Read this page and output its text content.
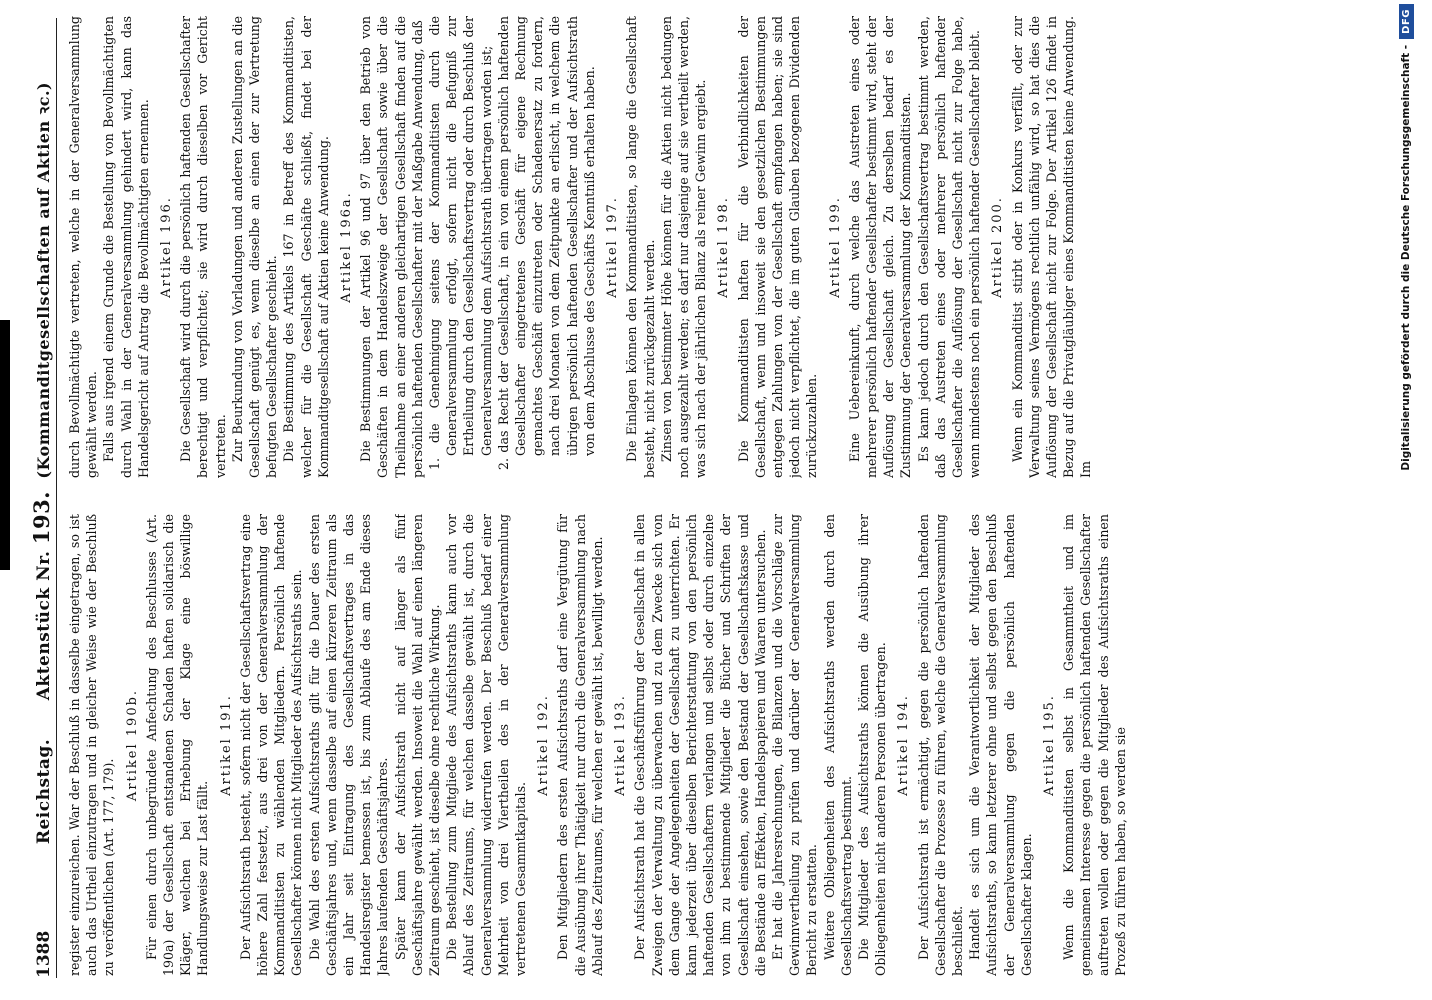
1388
Reichstag.      Aktenstück Nr. 193. (Kommanditgesellschaften auf Aktien ꝛc.)

register einzureichen. War der Beschluß in dasselbe eingetragen, so ist auch das Urtheil einzutragen und in gleicher Weise wie der Beschluß zu veröffentlichen (Art. 177, 179).

Artikel 190b. Für einen durch unbegründete Anfechtung des Beschlusses (Art. 190a) der Gesellschaft entstandenen Schaden haften solidarisch die Kläger, welchen bei Erhebung der Klage eine böswillige Handlungsweise zur Last fällt.

Artikel 191. Der Aufsichtsrath besteht, sofern nicht der Gesellschaftsvertrag eine höhere Zahl festsetzt, aus drei von der Generalversammlung der Kommanditisten zu wählenden Mitgliedern. Persönlich haftende Gesellschafter können nicht Mitglieder des Aufsichtsraths sein. Die Wahl des ersten Aufsichtsraths gilt für die Dauer des ersten Geschäftsjahres und, wenn dasselbe auf einen kürzeren Zeitraum als ein Jahr seit Eintragung des Gesellschaftsvertrages in das Handelsregister bemessen ist, bis zum Ablaufe des am Ende dieses Jahres laufenden Geschäftsjahres. Später kann der Aufsichtsrath nicht auf länger als fünf Geschäftsjahre gewählt werden. Insoweit die Wahl auf einen längeren Zeitraum geschieht, ist dieselbe ohne rechtliche Wirkung. Die Bestellung zum Mitgliede des Aufsichtsraths kann auch vor Ablauf des Zeitraums, für welchen dasselbe gewählt ist, durch die Generalversammlung widerrufen werden. Der Beschluß bedarf einer Mehrheit von drei Viertheilen des in der Generalversammlung vertretenen Gesammtkapitals.

Artikel 192. Den Mitgliedern des ersten Aufsichtsraths darf eine Vergütung für die Ausübung ihrer Thätigkeit nur durch die Generalversammlung nach Ablauf des Zeitraumes, für welchen er gewählt ist, bewilligt werden. Artikel 193. Der Aufsichtsrath hat die Geschäftsführung der Gesellschaft in allen Zweigen der Verwaltung zu überwachen und zu dem Zwecke sich von dem Gange der Angelegenheiten der Gesellschaft zu unterrichten. Er kann jederzeit über dieselben Berichterstattung von den persönlich haftenden Gesellschaftern verlangen und selbst oder durch einzelne von ihm zu bestimmende Mitglieder die Bücher und Schriften der Gesellschaft einsehen, sowie den Bestand der Gesellschaftskasse und die Bestände an Effekten, Handelspapieren und Waaren untersuchen. Er hat die Jahresrechnungen, die Bilanzen und die Vorschläge zur Gewinnvertheilung zu prüfen und darüber der Generalversammlung Bericht zu erstatten. Weitere Obliegenheiten des Aufsichtsraths werden durch den Gesellschaftsvertrag bestimmt. Die Mitglieder des Aufsichtsraths können die Ausübung ihrer Obliegenheiten nicht anderen Personen übertragen. Artikel 194. Der Aufsichtsrath ist ermächtigt, gegen die persönlich haftenden Gesellschafter die Prozesse zu führen, welche die Generalversammlung beschließt. Handelt es sich um die Verantwortlichkeit der Mitglieder des Aufsichtsraths, so kann letzterer ohne und selbst gegen den Beschluß der Generalversammlung gegen die persönlich haftenden Gesellschafter klagen.

Artikel 195. Wenn die Kommanditisten selbst in Gesammtheit und im gemeinsamen Interesse gegen die persönlich haftenden Gesellschafter auftreten wollen oder gegen die Mitglieder des Aufsichtsraths einen Prozeß zu führen haben, so werden sie

durch Bevollmächtigte vertreten, welche in der Generalversammlung gewählt werden. Falls aus irgend einem Grunde die Bestellung von Bevollmächtigten durch Wahl in der Generalversammlung gehindert wird, kann das Handelsgericht auf Antrag die Bevollmächtigten ernennen. Artikel 196. Die Gesellschaft wird durch die persönlich haftenden Gesellschafter berechtigt und verpflichtet; sie wird durch dieselben vor Gericht vertreten. Zur Beurkundung von Vorladungen und anderen Zustellungen an die Gesellschaft genügt es, wenn dieselbe an einen der zur Vertretung befugten Gesellschafter geschieht. Die Bestimmung des Artikels 167 in Betreff des Kommanditisten, welcher für die Gesellschaft Geschäfte schließt, findet bei der Kommanditgesellschaft auf Aktien keine Anwendung. Artikel 196a. Die Bestimmungen der Artikel 96 und 97 über den Betrieb von Geschäften in dem Handelszweige der Gesellschaft sowie über die Theilnahme an einer anderen gleichartigen Gesellschaft finden auf die persönlich haftenden Gesellschafter mit der Maßgabe Anwendung, daß 1. die Genehmigung seitens der Kommanditisten durch die Generalversammlung erfolgt, sofern nicht die Befugniß zur Ertheilung durch den Gesellschaftsvertrag oder durch Beschluß der Generalversammlung dem Aufsichtsrath übertragen worden ist; 2. das Recht der Gesellschaft, in ein von einem persönlich haftenden Gesellschafter eingetretenes Geschäft für eigene Rechnung gemachtes Geschäft einzutreten oder Schadenersatz zu fordern, nach drei Monaten von dem Zeitpunkte an erlischt, in welchem die übrigen persönlich haftenden Gesellschafter und der Aufsichtsrath von dem Abschlusse des Geschäfts Kenntniß erhalten haben. Artikel 197. Die Einlagen können den Kommanditisten, so lange die Gesellschaft besteht, nicht zurückgezahlt werden. Zinsen von bestimmter Höhe können für die Aktien nicht bedungen noch ausgezahlt werden; es darf nur dasjenige auf sie vertheilt werden, was sich nach der jährlichen Bilanz als reiner Gewinn ergiebt. Artikel 198. Die Kommanditisten haften für die Verbindlichkeiten der Gesellschaft, wenn und insoweit sie den gesetzlichen Bestimmungen entgegen Zahlungen von der Gesellschaft empfangen haben; sie sind jedoch nicht verpflichtet, die im guten Glauben bezogenen Dividenden zurückzuzahlen.

Artikel 199. Eine Uebereinkunft, durch welche das Austreten eines oder mehrerer persönlich haftender Gesellschafter bestimmt wird, steht der Auflösung der Gesellschaft gleich. Zu derselben bedarf es der Zustimmung der Generalversammlung der Kommanditisten. Es kann jedoch durch den Gesellschaftsvertrag bestimmt werden, daß das Austreten eines oder mehrerer persönlich haftender Gesellschafter die Auflösung der Gesellschaft nicht zur Folge habe, wenn mindestens noch ein persönlich haftender Gesellschafter bleibt. Artikel 200. Wenn ein Kommanditist stirbt oder in Konkurs verfällt, oder zur Verwaltung seines Vermögens rechtlich unfähig wird, so hat dies die Auflösung der Gesellschaft nicht zur Folge. Der Artikel 126 findet in Bezug auf die Privatgläubiger eines Kommanditisten keine Anwendung. Im	Digitalisierung gefördert durch die Deutsche Forschungsgemeinschaft -
DFG
